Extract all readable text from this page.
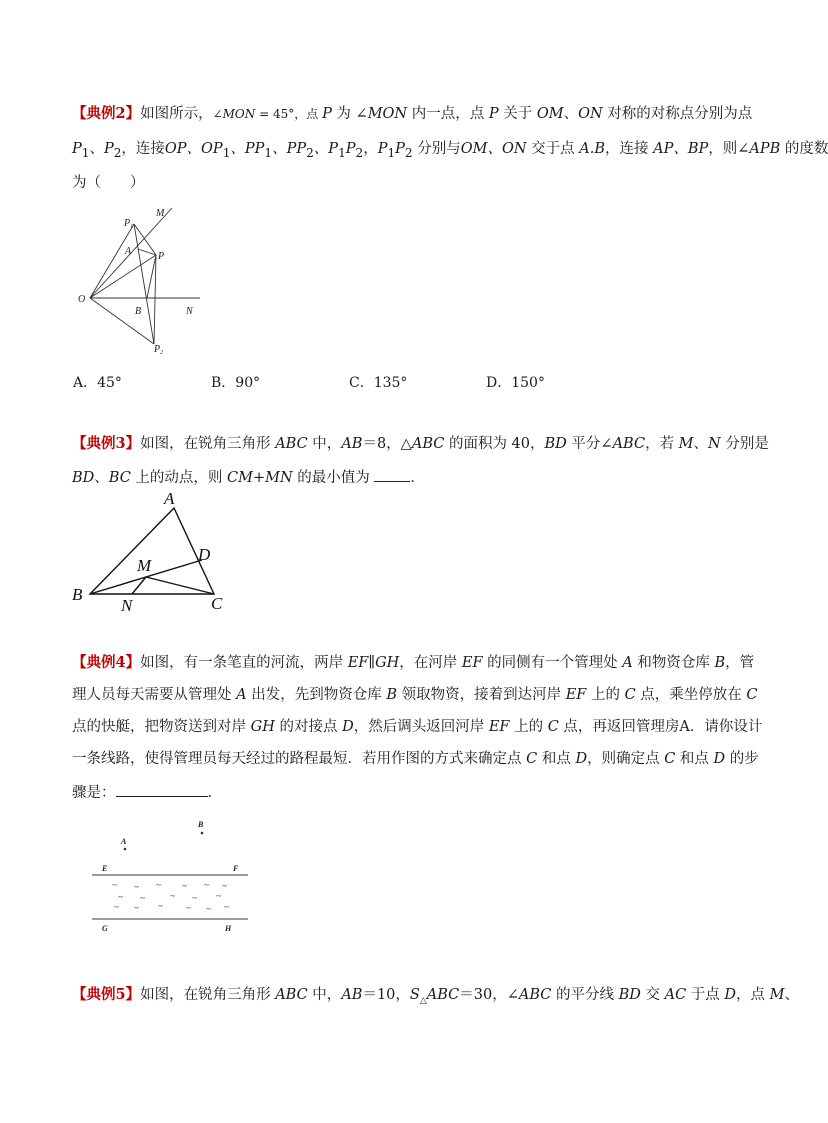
【典例2】如图所示，∠MON = 45°，点 P 为 ∠MON 内一点，点 P 关于 OM、ON 对称的对称点分别为点
$P_1$、$P_2$，连接OP、$OP_1$、$PP_1$、$PP_2$、$P_1P_2$，$P_1P_2$ 分别与OM、ON 交于点 A.B，连接 AP、BP，则∠APB 的度数
为（　　）
$P_1$
M
A	P
O
B	N
$P_2$
A．45°	B．90°	C．135°	D．150°
【典例3】如图，在锐角三角形 ABC 中，AB＝8，△ABC 的面积为 40，BD 平分∠ABC，若 M、N 分别是
BD、BC 上的动点，则 CM+MN 的最小值为 ．
A
D
M
B
N	C
【典例4】如图，有一条笔直的河流，两岸 EF∥GH，在河岸 EF 的同侧有一个管理处 A 和物资仓库 B，管
理人员每天需要从管理处 A 出发，先到物资仓库 B 领取物资，接着到达河岸 EF 上的 C 点，乘坐停放在 C
点的快艇，把物资送到对岸 GH 的对接点 D，然后调头返回河岸 EF 上的 C 点，再返回管理房A．请你设计
一条线路，使得管理员每天经过的路程最短．若用作图的方式来确定点 C 和点 D，则确定点 C 和点 D 的步
骤是：	．
~ ~ ~ ~ ~ ~
~ ~	~ ~ ~
~ ~ ~	~ ~ ~
B
A
E	F
G	H
【典例5】如图，在锐角三角形 ABC 中，AB＝10，$S_\triangle ABC=30$，∠ABC 的平分线 BD 交 AC 于点 D，点 M、
